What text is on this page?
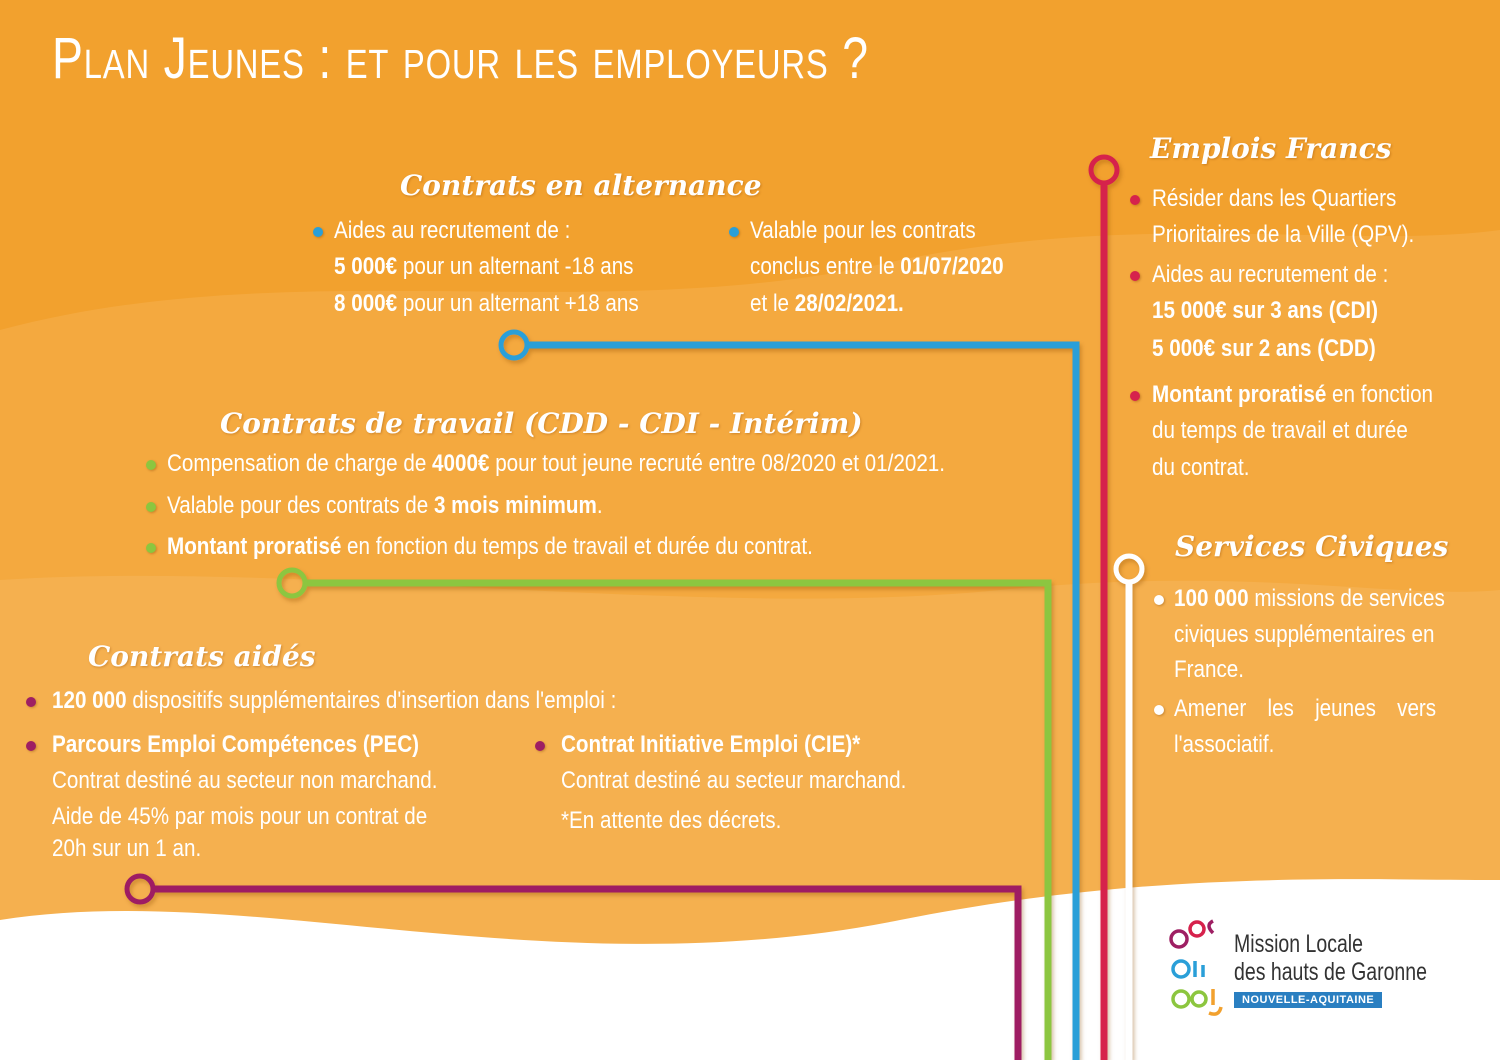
Plan Jeunes : et pour les employeurs ?
Contrats en alternance
Aides au recrutement de :
5 000€ pour un alternant -18 ans
8 000€ pour un alternant +18 ans
Valable pour les contrats
conclus entre le 01/07/2020
et le 28/02/2021.
Contrats de travail (CDD - CDI - Intérim)
Compensation de charge de 4000€ pour tout jeune recruté entre 08/2020 et 01/2021.
Valable pour des contrats de 3 mois minimum.
Montant proratisé en fonction du temps de travail et durée du contrat.
Contrats aidés
120 000 dispositifs supplémentaires d'insertion dans l'emploi :
Parcours Emploi Compétences (PEC)
Contrat destiné au secteur non marchand.
Aide de 45% par mois pour un contrat de
20h sur un 1 an.
Contrat Initiative Emploi (CIE)*
Contrat destiné au secteur marchand.
*En attente des décrets.
Emplois Francs
Résider dans les Quartiers
Prioritaires de la Ville (QPV).
Aides au recrutement de :
15 000€ sur 3 ans (CDI)
5 000€ sur 2 ans (CDD)
Montant proratisé en fonction
du temps de travail et durée
du contrat.
Services Civiques
100 000 missions de services
civiques supplémentaires en
France.
Amener les jeunes vers
l'associatif.
Mission Locale
des hauts de Garonne
NOUVELLE-AQUITAINE
